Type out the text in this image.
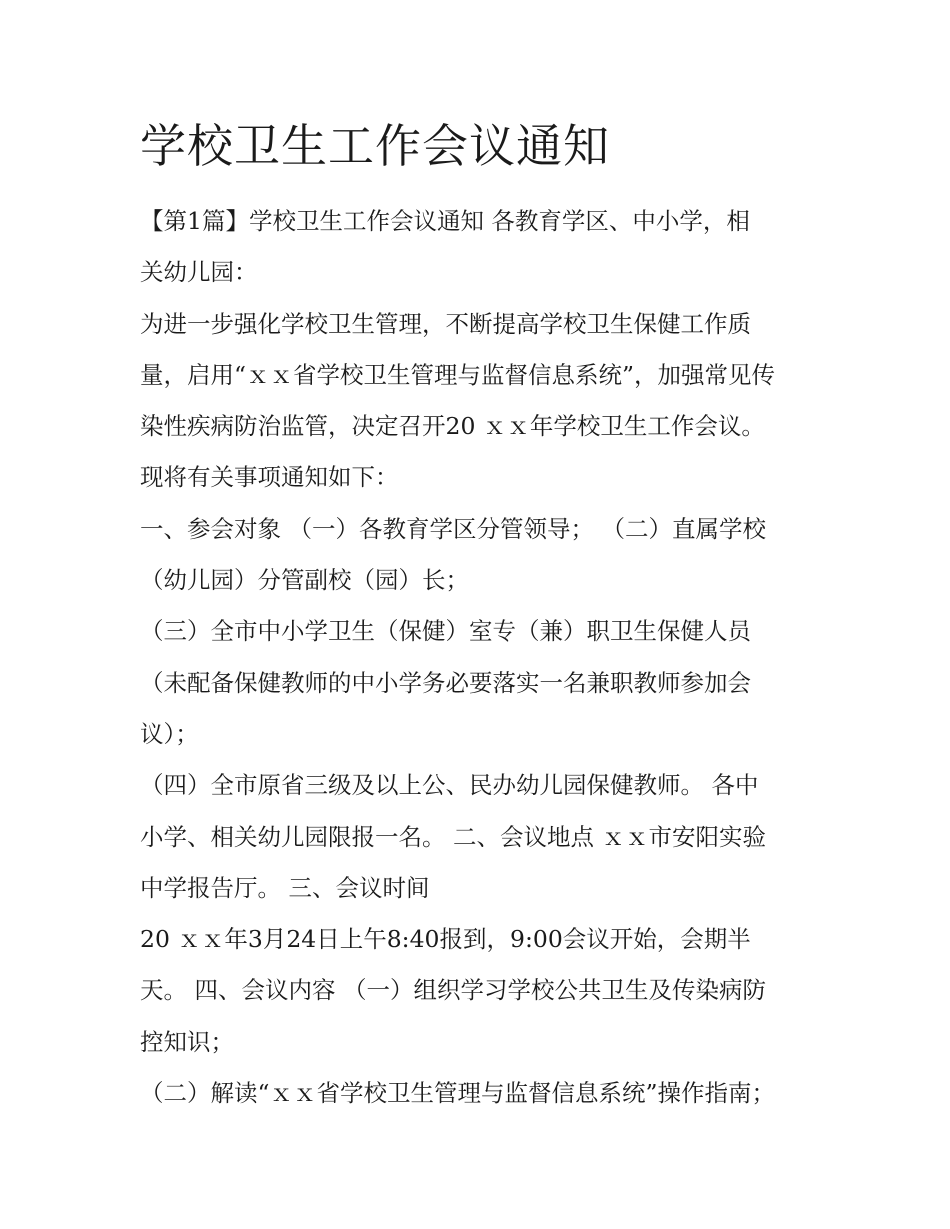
学校卫生工作会议通知
【第1篇】学校卫生工作会议通知 各教育学区、中小学，相
关幼儿园：
为进一步强化学校卫生管理，不断提高学校卫生保健工作质
量，启用“ｘｘ省学校卫生管理与监督信息系统”，加强常见传
染性疾病防治监管，决定召开20 ｘｘ年学校卫生工作会议。
现将有关事项通知如下：
一、参会对象 （一）各教育学区分管领导； （二）直属学校
（幼儿园）分管副校（园）长；
（三）全市中小学卫生（保健）室专（兼）职卫生保健人员
（未配备保健教师的中小学务必要落实一名兼职教师参加会
议）；
（四）全市原省三级及以上公、民办幼儿园保健教师。 各中
小学、相关幼儿园限报一名。 二、会议地点 ｘｘ市安阳实验
中学报告厅。 三、会议时间
20 ｘｘ年3月24日上午8:40报到，9:00会议开始，会期半
天。 四、会议内容 （一）组织学习学校公共卫生及传染病防
控知识；
（二）解读“ｘｘ省学校卫生管理与监督信息系统”操作指南；
